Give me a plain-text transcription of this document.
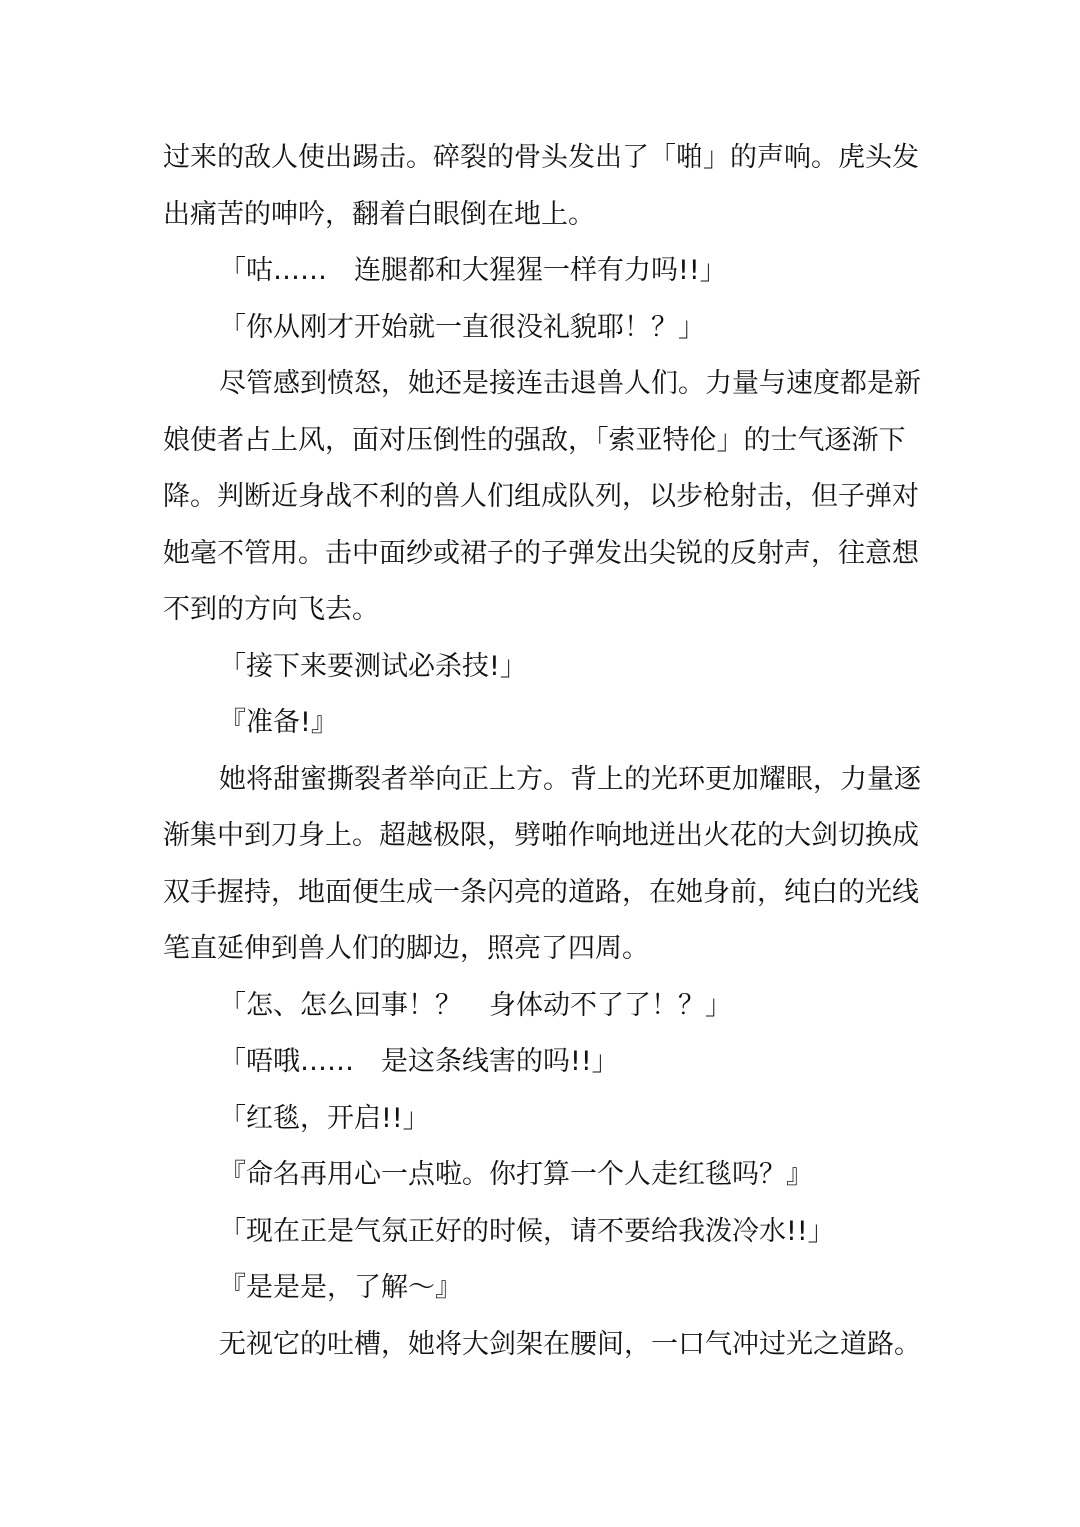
过来的敌人使出踢击。碎裂的骨头发出了「啪」的声响。虎头发
出痛苦的呻吟，翻着白眼倒在地上。
「咕……　连腿都和大猩猩一样有力吗!!」
「你从刚才开始就一直很没礼貌耶！？」
尽管感到愤怒，她还是接连击退兽人们。力量与速度都是新
娘使者占上风，面对压倒性的强敌，「索亚特伦」的士气逐渐下
降。判断近身战不利的兽人们组成队列，以步枪射击，但子弹对
她毫不管用。击中面纱或裙子的子弹发出尖锐的反射声，往意想
不到的方向飞去。
「接下来要测试必杀技!」
『准备!』
她将甜蜜撕裂者举向正上方。背上的光环更加耀眼，力量逐
渐集中到刀身上。超越极限，劈啪作响地迸出火花的大剑切换成
双手握持，地面便生成一条闪亮的道路，在她身前，纯白的光线
笔直延伸到兽人们的脚边，照亮了四周。
「怎、怎么回事！？　身体动不了了！？」
「唔哦……　是这条线害的吗!!」
「红毯，开启!!」
『命名再用心一点啦。你打算一个人走红毯吗？』
「现在正是气氛正好的时候，请不要给我泼冷水!!」
『是是是，了解～』
无视它的吐槽，她将大剑架在腰间，一口气冲过光之道路。
